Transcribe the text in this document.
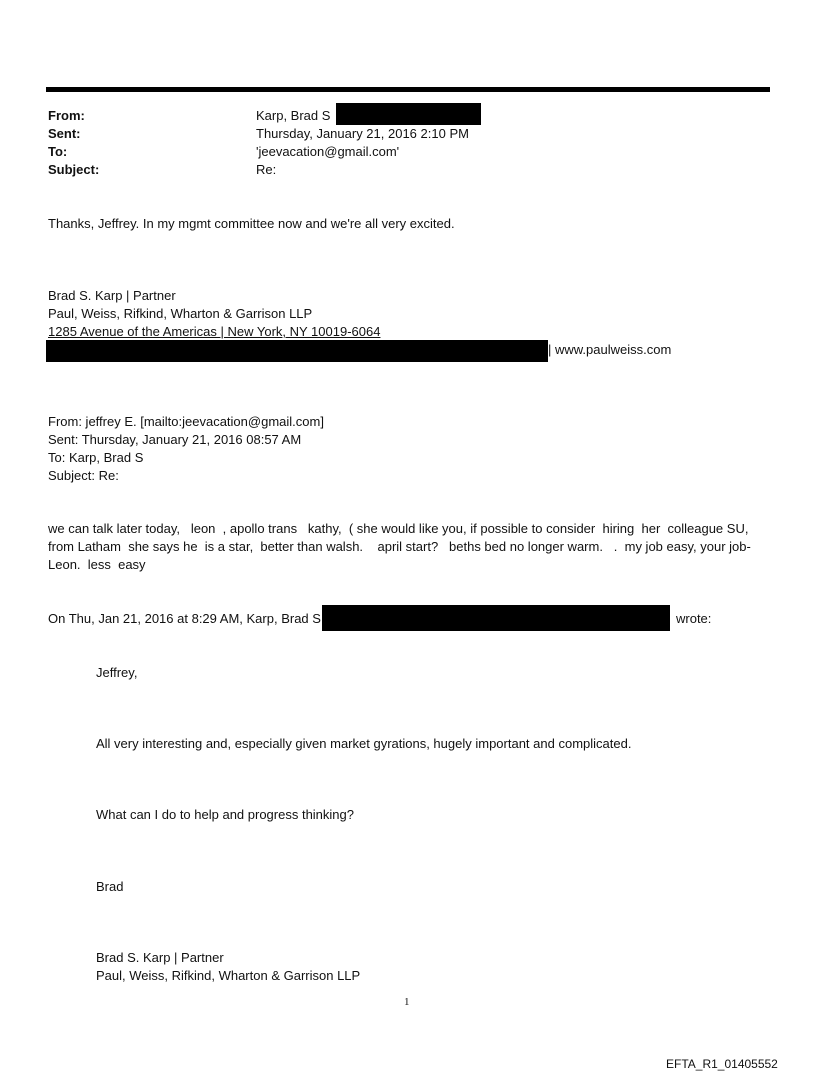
From:	Karp, Brad S
Sent:	Thursday, January 21, 2016 2:10 PM
To:	'jeevacation@gmail.com'
Subject:	Re:
Thanks, Jeffrey. In my mgmt committee now and we're all very excited.
Brad S. Karp | Partner
Paul, Weiss, Rifkind, Wharton & Garrison LLP
1285 Avenue of the Americas | New York, NY 10019-6064
| www.paulweiss.com
From: jeffrey E. [mailto:jeevacation@gmail.com]
Sent: Thursday, January 21, 2016 08:57 AM
To: Karp, Brad S
Subject: Re:
we can talk later today,   leon  , apollo trans   kathy,  ( she would like you, if possible to consider  hiring  her  colleague SU,  from Latham  she says he  is a star,  better than walsh.    april start?   beths bed no longer warm.   .  my job easy, your job- Leon.  less  easy
On Thu, Jan 21, 2016 at 8:29 AM, Karp, Brad S	wrote:
Jeffrey,
All very interesting and, especially given market gyrations, hugely important and complicated.
What can I do to help and progress thinking?
Brad
Brad S. Karp | Partner
Paul, Weiss, Rifkind, Wharton & Garrison LLP
1
EFTA_R1_01405552
